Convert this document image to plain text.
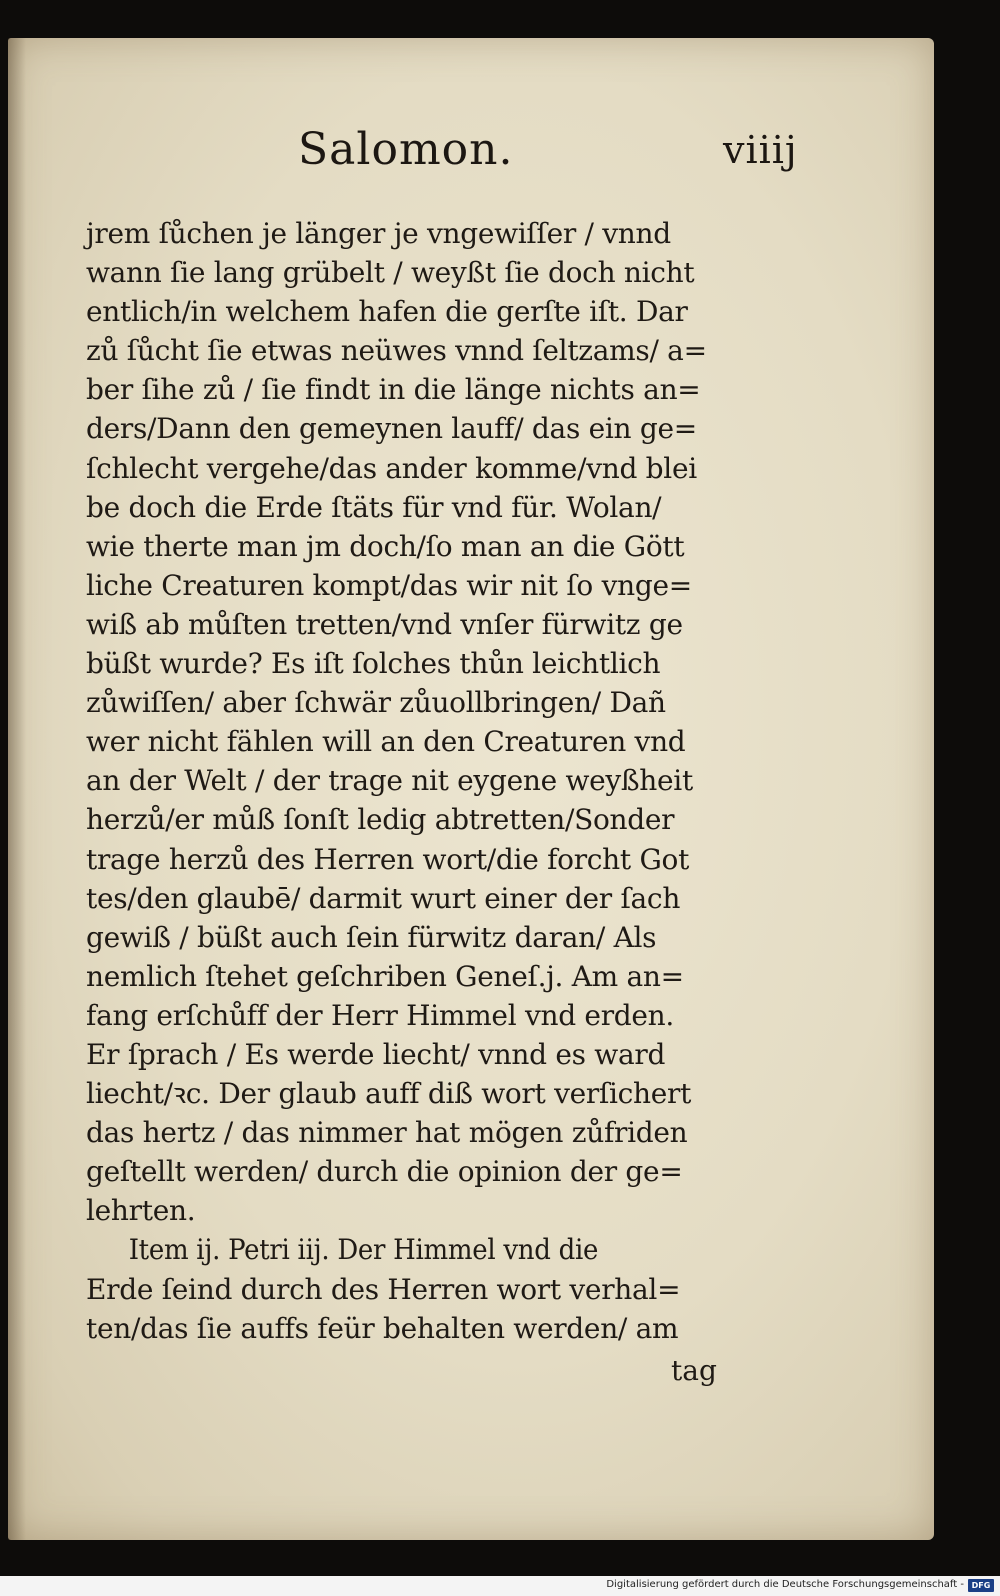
Salomon.	viiij
jrem ſůchen je länger je vngewiſſer / vnnd
wann ſie lang grübelt / weyßt ſie doch nicht
entlich/in welchem hafen die gerſte iſt. Dar
zů ſůcht ſie etwas neüwes vnnd ſeltzams/ a=
ber ſihe zů / ſie findt in die länge nichts an=
ders/Dann den gemeynen lauff/ das ein ge=
ſchlecht vergehe/das ander komme/vnd blei
be doch die Erde ſtäts für vnd für. Wolan/
wie therte man jm doch/ſo man an die Gött
liche Creaturen kompt/das wir nit ſo vnge=
wiß ab můſten tretten/vnd vnſer fürwitz ge
büßt wurde? Es iſt ſolches thůn leichtlich
zůwiſſen/ aber ſchwär zůuollbringen/ Dañ
wer nicht fählen will an den Creaturen vnd
an der Welt / der trage nit eygene weyßheit
herzů/er můß ſonſt ledig abtretten/Sonder
trage herzů des Herren wort/die forcht Got
tes/den glaubē/ darmit wurt einer der ſach
gewiß / büßt auch ſein fürwitz daran/ Als
nemlich ſtehet geſchriben Geneſ.j. Am an=
fang erſchůff der Herr Himmel vnd erden.
Er ſprach / Es werde liecht/ vnnd es ward
liecht/ꝛc. Der glaub auff diß wort verſichert
das hertz / das nimmer hat mögen zůfriden
geſtellt werden/ durch die opinion der ge=
lehrten.
Item ij. Petri iij. Der Himmel vnd die
Erde ſeind durch des Herren wort verhal=
ten/das ſie auffs feür behalten werden/ am
tag
Digitalisierung gefördert durch die Deutsche Forschungsgemeinschaft - DFG
